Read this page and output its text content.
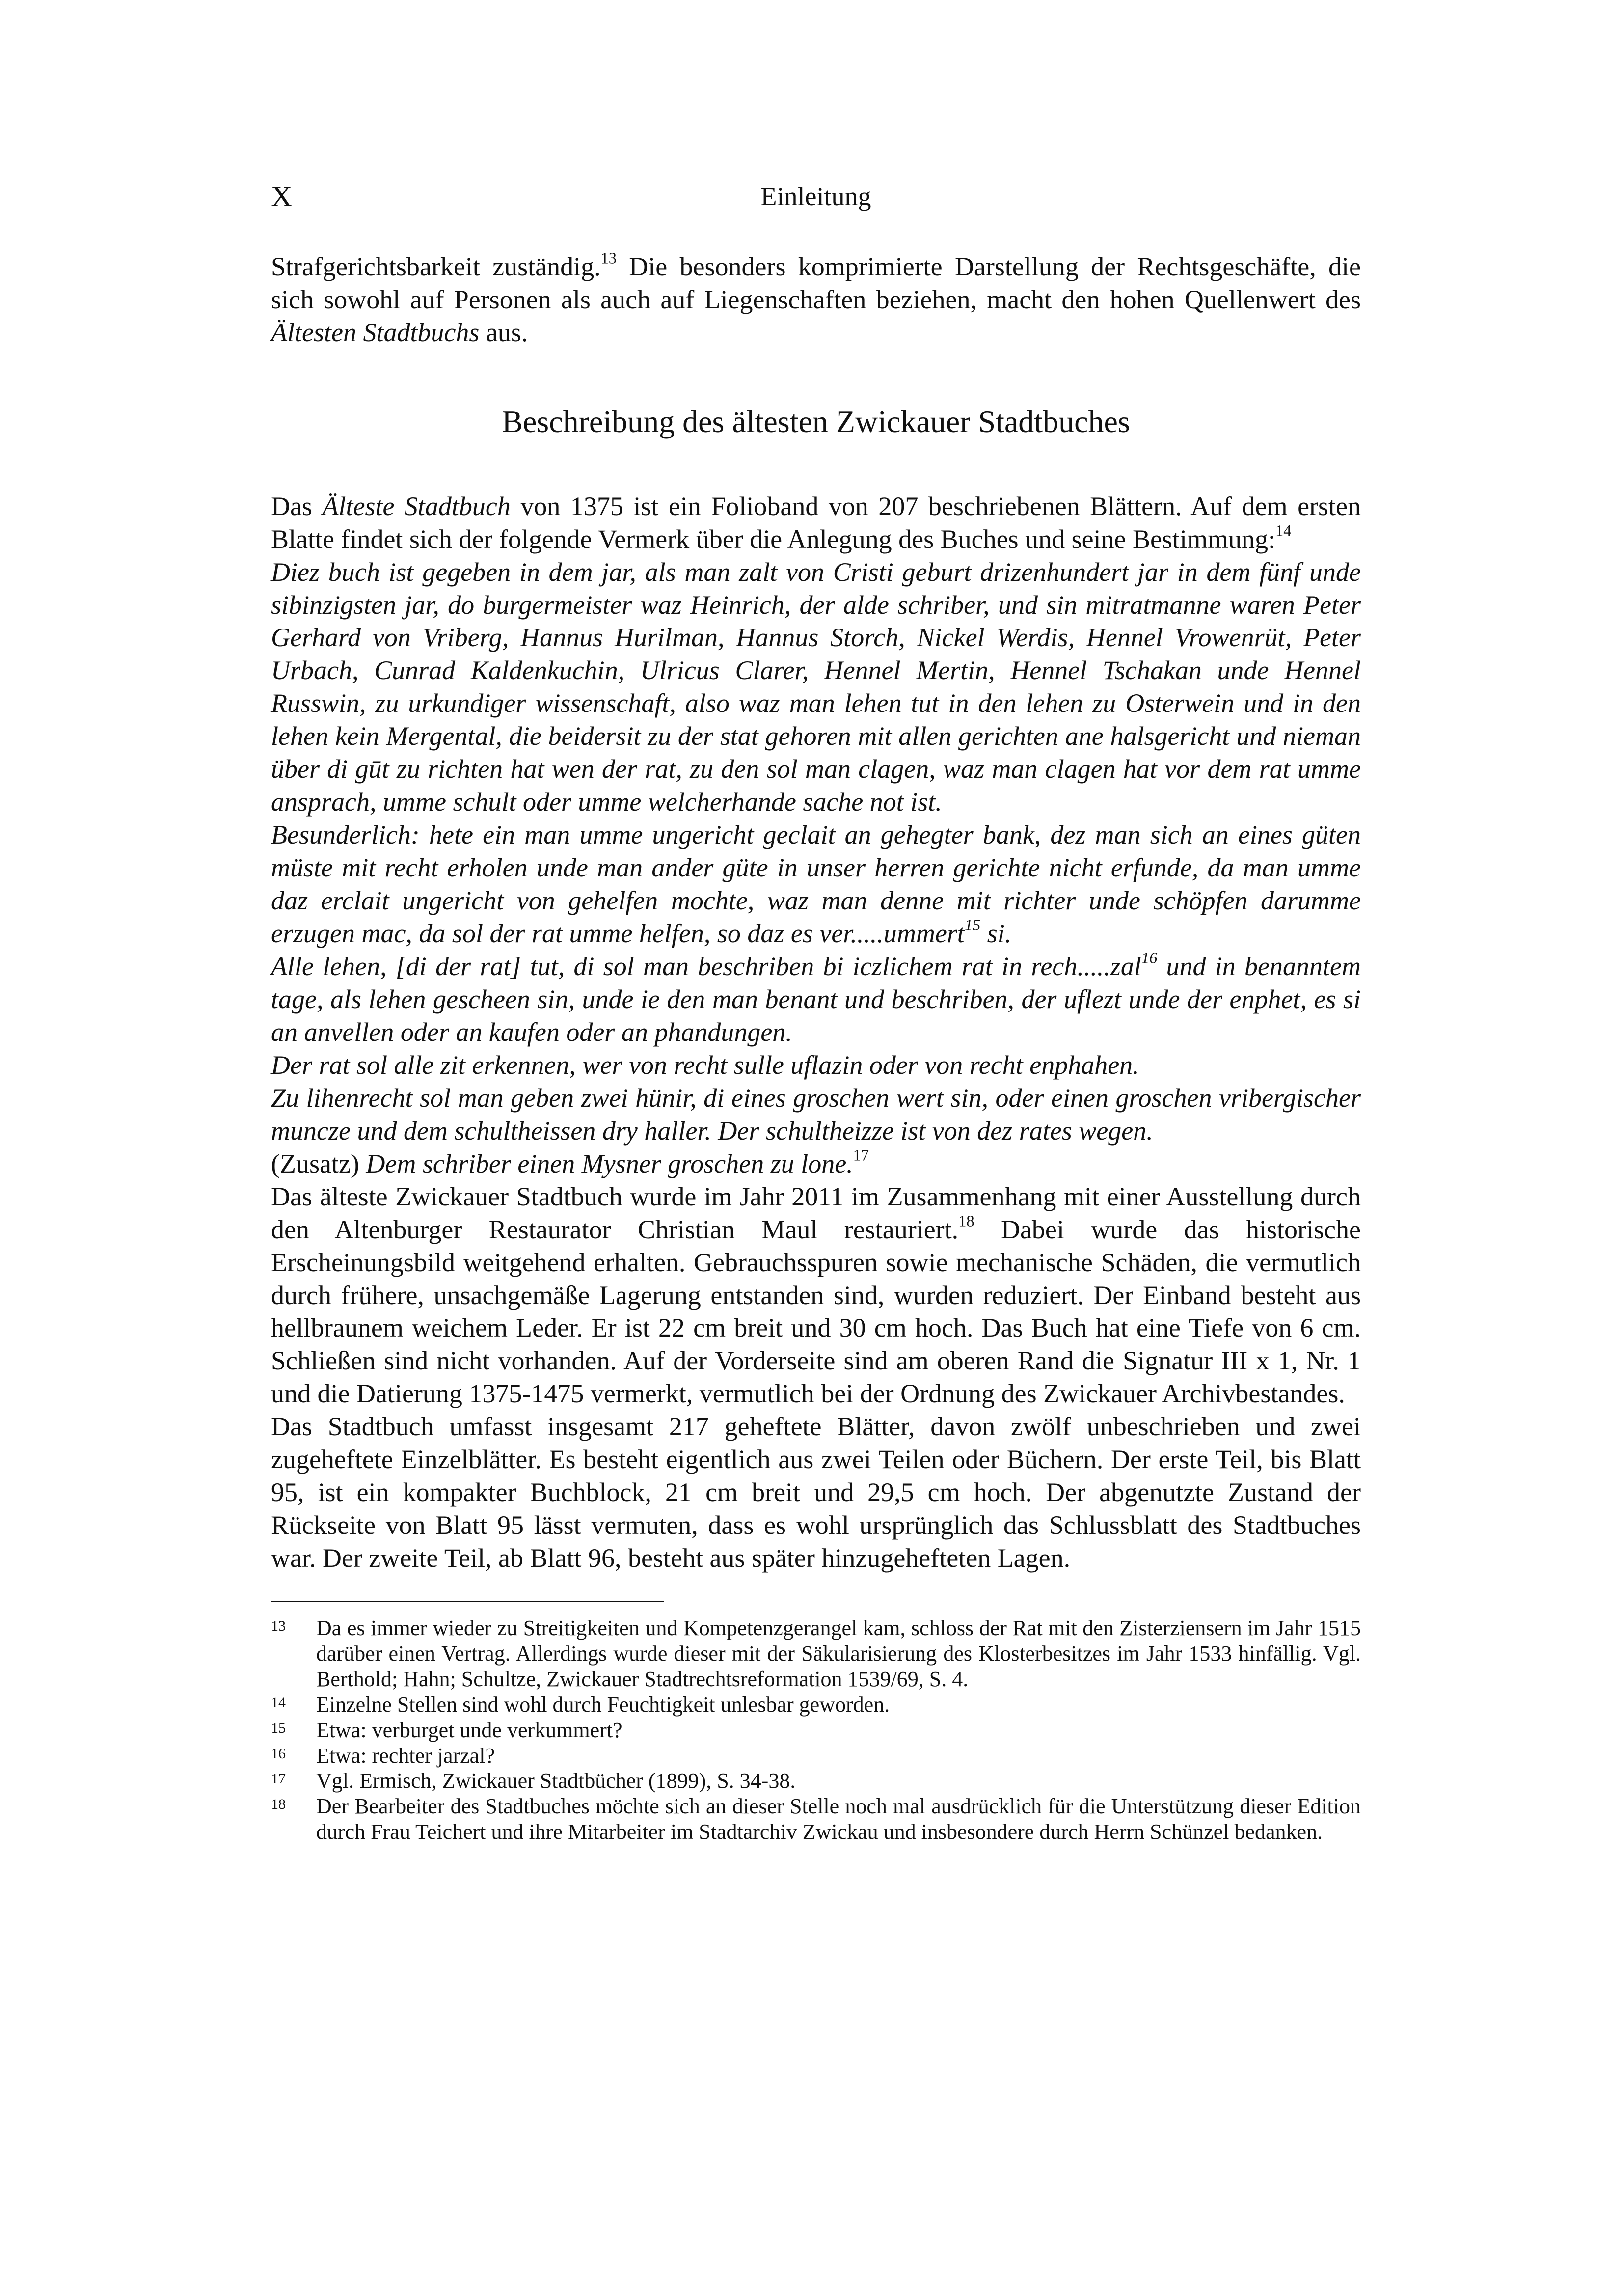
X	Einleitung

Strafgerichtsbarkeit zuständig.$^{13}$ Die besonders komprimierte Darstellung der Rechtsgeschäfte, die sich sowohl auf Personen als auch auf Liegenschaften beziehen, macht den hohen Quellenwert des Ältesten Stadtbuchs aus.

Beschreibung des ältesten Zwickauer Stadtbuches

Das Älteste Stadtbuch von 1375 ist ein Folioband von 207 beschriebenen Blättern. Auf dem ersten Blatte findet sich der folgende Vermerk über die Anlegung des Buches und seine Bestimmung:$^{14}$

Diez buch ist gegeben in dem jar, als man zalt von Cristi geburt drizenhundert jar in dem fünf unde sibinzigsten jar, do burgermeister waz Heinrich, der alde schriber, und sin mitratmanne waren Peter Gerhard von Vriberg, Hannus Hurilman, Hannus Storch, Nickel Werdis, Hennel Vrowenrüt, Peter Urbach, Cunrad Kaldenkuchin, Ulricus Clarer, Hennel Mertin, Hennel Tschakan unde Hennel Russwin, zu urkundiger wissenschaft, also waz man lehen tut in den lehen zu Osterwein und in den lehen kein Mergental, die beidersit zu der stat gehoren mit allen gerichten ane halsgericht und nieman über di gūt zu richten hat wen der rat, zu den sol man clagen, waz man clagen hat vor dem rat umme anspraсh, umme schult oder umme welcherhande sache not ist.

Besunderlich: hete ein man umme ungericht geclait an gehegter bank, dez man sich an eines güten müste mit recht erholen unde man ander güte in unser herren gerichte nicht erfunde, da man umme daz erclait ungericht von gehelfen mochte, waz man denne mit richter unde schöpfen darumme erzugen mac, da sol der rat umme helfen, so daz es ver.....ummert$^{15}$ si.

Alle lehen, [di der rat] tut, di sol man beschriben bi iczlichem rat in rech.....zal$^{16}$ und in benanntem tage, als lehen gescheen sin, unde ie den man benant und beschriben, der uflezt unde der enphet, es si an anvellen oder an kaufen oder an phandungen.

Der rat sol alle zit erkennen, wer von recht sulle uflazin oder von recht enphahen.

Zu lihenrecht sol man geben zwei hünir, di eines groschen wert sin, oder einen groschen vribergischer muncze und dem schultheissen dry haller. Der schultheizze ist von dez rates wegen.

(Zusatz) Dem schriber einen Mysner groschen zu lone.$^{17}$

Das älteste Zwickauer Stadtbuch wurde im Jahr 2011 im Zusammenhang mit einer Ausstellung durch den Altenburger Restaurator Christian Maul restauriert.$^{18}$ Dabei wurde das historische Erscheinungsbild weitgehend erhalten. Gebrauchsspuren sowie mechanische Schäden, die vermutlich durch frühere, unsachgemäße Lagerung entstanden sind, wurden reduziert. Der Einband besteht aus hellbraunem weichem Leder. Er ist 22 cm breit und 30 cm hoch. Das Buch hat eine Tiefe von 6 cm. Schließen sind nicht vorhanden. Auf der Vorderseite sind am oberen Rand die Signatur III x 1, Nr. 1 und die Datierung 1375-1475 vermerkt, vermutlich bei der Ordnung des Zwickauer Archivbestandes.

Das Stadtbuch umfasst insgesamt 217 geheftete Blätter, davon zwölf unbeschrieben und zwei zugeheftete Einzelblätter. Es besteht eigentlich aus zwei Teilen oder Büchern. Der erste Teil, bis Blatt 95, ist ein kompakter Buchblock, 21 cm breit und 29,5 cm hoch. Der abgenutzte Zustand der Rückseite von Blatt 95 lässt vermuten, dass es wohl ursprünglich das Schlussblatt des Stadtbuches war. Der zweite Teil, ab Blatt 96, besteht aus später hinzugehefteten Lagen.

13	Da es immer wieder zu Streitigkeiten und Kompetenzgerangel kam, schloss der Rat mit den Zisterziensern im Jahr 1515 darüber einen Vertrag. Allerdings wurde dieser mit der Säkularisierung des Klosterbesitzes im Jahr 1533 hinfällig. Vgl. Berthold; Hahn; Schultze, Zwickauer Stadtrechtsreformation 1539/69, S. 4.
14	Einzelne Stellen sind wohl durch Feuchtigkeit unlesbar geworden.
15	Etwa: verburget unde verkummert?
16	Etwa: rechter jarzal?
17	Vgl. Ermisch, Zwickauer Stadtbücher (1899), S. 34-38.
18	Der Bearbeiter des Stadtbuches möchte sich an dieser Stelle noch mal ausdrücklich für die Unterstützung dieser Edition durch Frau Teichert und ihre Mitarbeiter im Stadtarchiv Zwickau und insbesondere durch Herrn Schünzel bedanken.
